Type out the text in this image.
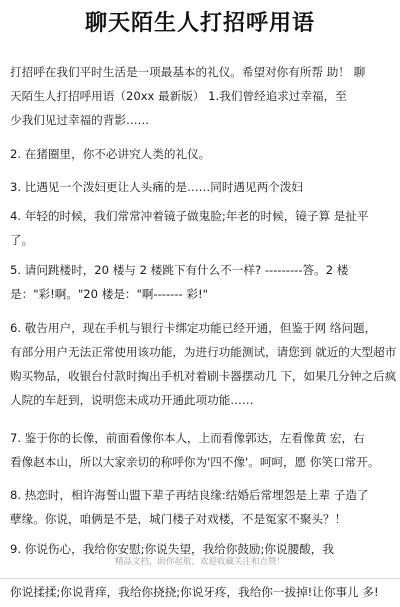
聊天陌生人打招呼用语
打招呼在我们平时生活是一项最基本的礼仪。希望对你有所帮 助！ 聊
天陌生人打招呼用语（20xx 最新版） 1.我们曾经追求过幸福，至
少我们见过幸福的背影……
2. 在猪圈里，你不必讲究人类的礼仪。
3. 比遇见一个泼妇更让人头痛的是……同时遇见两个泼妇
4. 年轻的时候，我们常常冲着镜子做鬼脸;年老的时候，镜子算 是扯平
了。
5. 请问跳楼时，20 楼与 2 楼跳下有什么不一样? ---------答。2 楼
是："彩!啊。"20 楼是："啊------- 彩!"
6. 敬告用户，现在手机与银行卡绑定功能已经开通，但鉴于网 络问题，
有部分用户无法正常使用该功能，为进行功能测试，请您到 就近的大型超市
购买物品，收银台付款时掏出手机对着刷卡器摆动几 下，如果几分钟之后疯
人院的车赶到，说明您未成功开通此项功能……
7. 鉴于你的长像，前面看像你本人，上而看像郭达，左看像黄 宏，右
看像赵本山，所以大家亲切的称呼你为'四不像'。呵呵，愿 你笑口常开。
8. 热恋时，相许海誓山盟下辈子再结良缘:结婚后常埋怨是上辈 子造了
孽缘。你说，咱俩是不是，城门楼子对戏楼，不是冤家不聚头？！
9. 你说伤心，我给你安慰;你说失望，我给你鼓励;你说腰酸，我
精品文档，助你起航，欢迎收藏关注和点赞！
你说揉揉;你说背痒，我给你挠挠;你说牙疼，我给你一拔掉!让你事儿 多!
